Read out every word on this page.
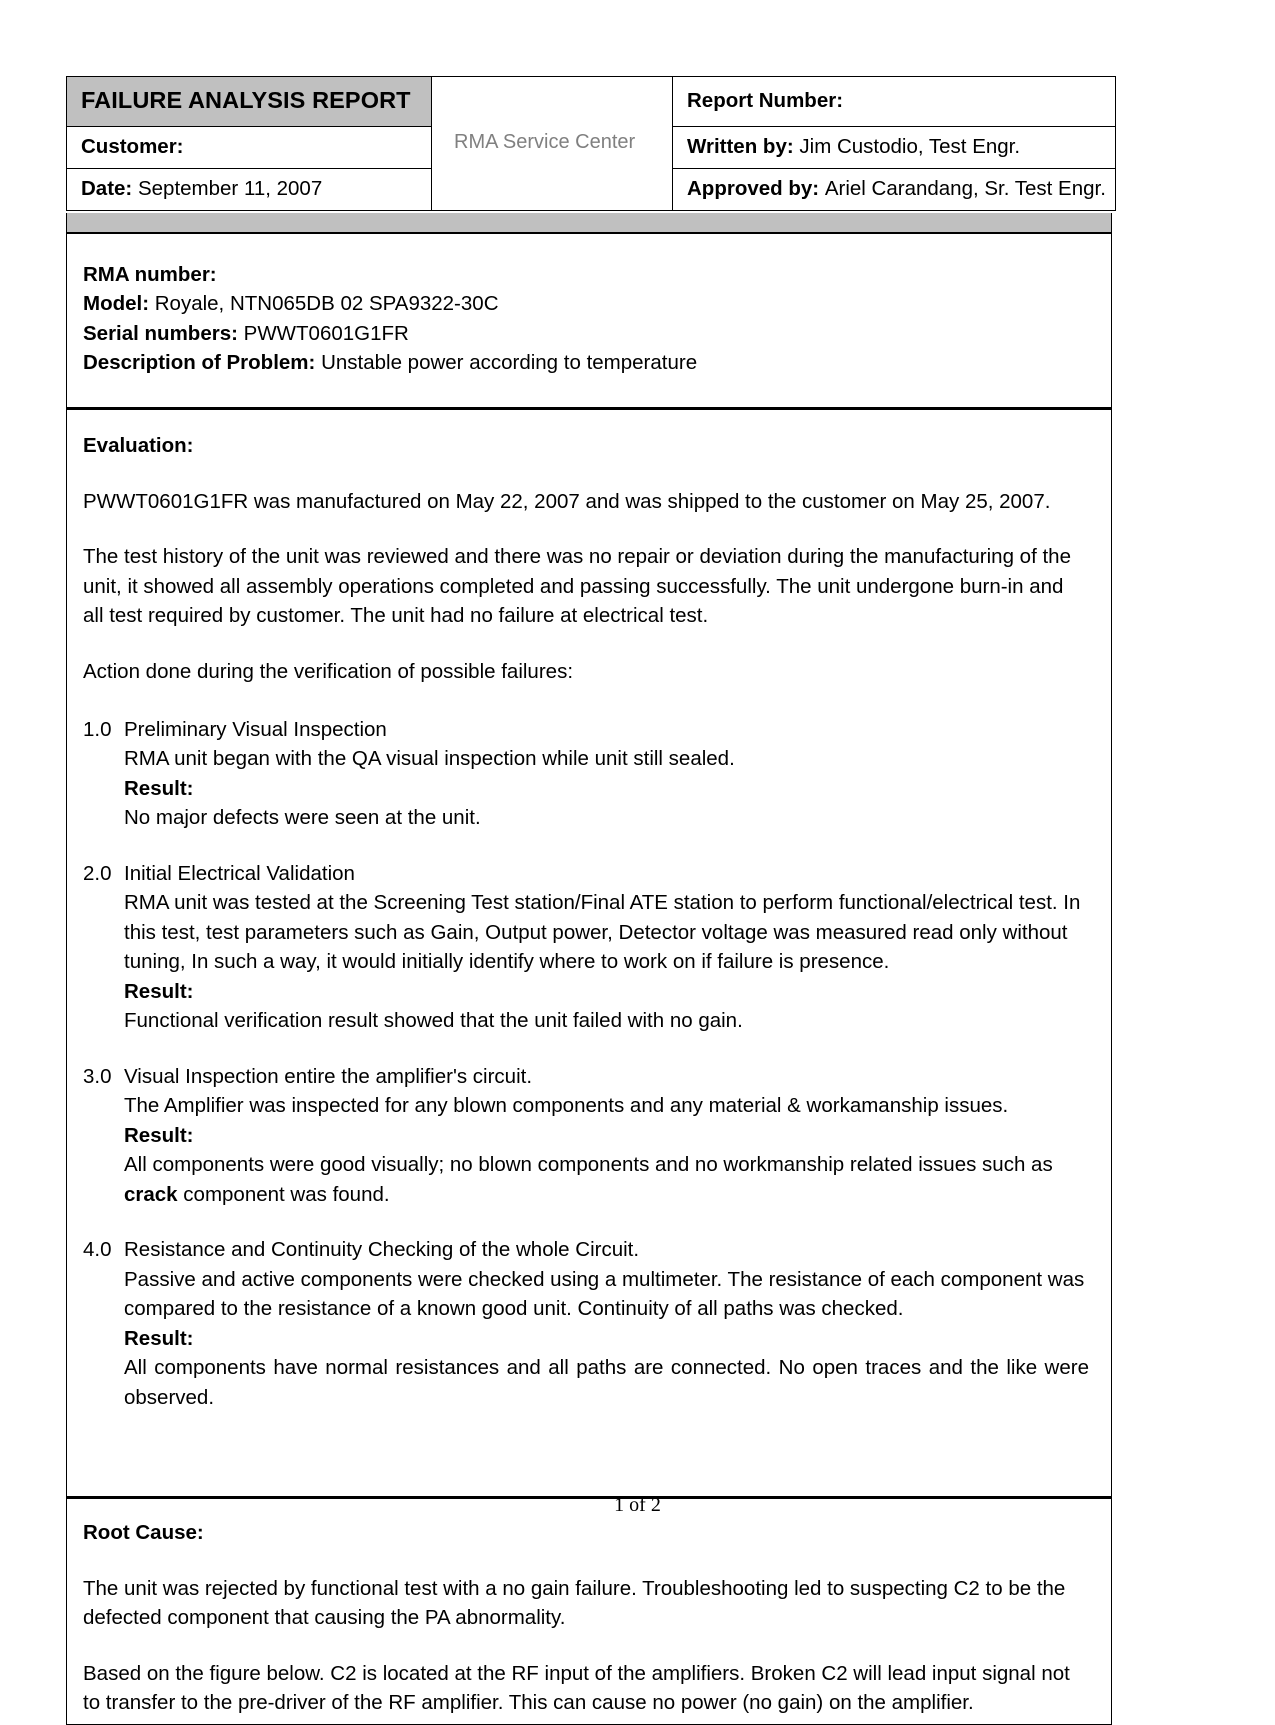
FAILURE ANALYSIS REPORT	RMA Service Center	Report Number:

Customer:		Written by: Jim Custodio, Test Engr.

Date: September 11, 2007		Approved by: Ariel Carandang, Sr. Test Engr.
RMA number:
Model: Royale, NTN065DB 02 SPA9322-30C
Serial numbers: PWWT0601G1FR
Description of Problem: Unstable power according to temperature
Evaluation:

PWWT0601G1FR was manufactured on May 22, 2007 and was shipped to the customer on May 25, 2007.

The test history of the unit was reviewed and there was no repair or deviation during the manufacturing of the unit, it showed all assembly operations completed and passing successfully. The unit undergone burn-in and all test required by customer. The unit had no failure at electrical test.

Action done during the verification of possible failures:

1.0 Preliminary Visual Inspection
RMA unit began with the QA visual inspection while unit still sealed.
Result:
No major defects were seen at the unit.
2.0 Initial Electrical Validation
RMA unit was tested at the Screening Test station/Final ATE station to perform functional/electrical test. In this test, test parameters such as Gain, Output power, Detector voltage was measured read only without tuning, In such a way, it would initially identify where to work on if failure is presence.
Result:
Functional verification result showed that the unit failed with no gain.
3.0 Visual Inspection entire the amplifier's circuit.
The Amplifier was inspected for any blown components and any material & workamanship issues.
Result:
All components were good visually; no blown components and no workmanship related issues such as crack component was found.
4.0 Resistance and Continuity Checking of the whole Circuit.
Passive and active components were checked using a multimeter. The resistance of each component was compared to the resistance of a known good unit. Continuity of all paths was checked.
Result:
All components have normal resistances and all paths are connected. No open traces and the like were observed.
Root Cause:

The unit was rejected by functional test with a no gain failure. Troubleshooting led to suspecting C2 to be the defected component that causing the PA abnormality.

Based on the figure below. C2 is located at the RF input of the amplifiers. Broken C2 will lead input signal not to transfer to the pre-driver of the RF amplifier. This can cause no power (no gain) on the amplifier.

1 of 2
